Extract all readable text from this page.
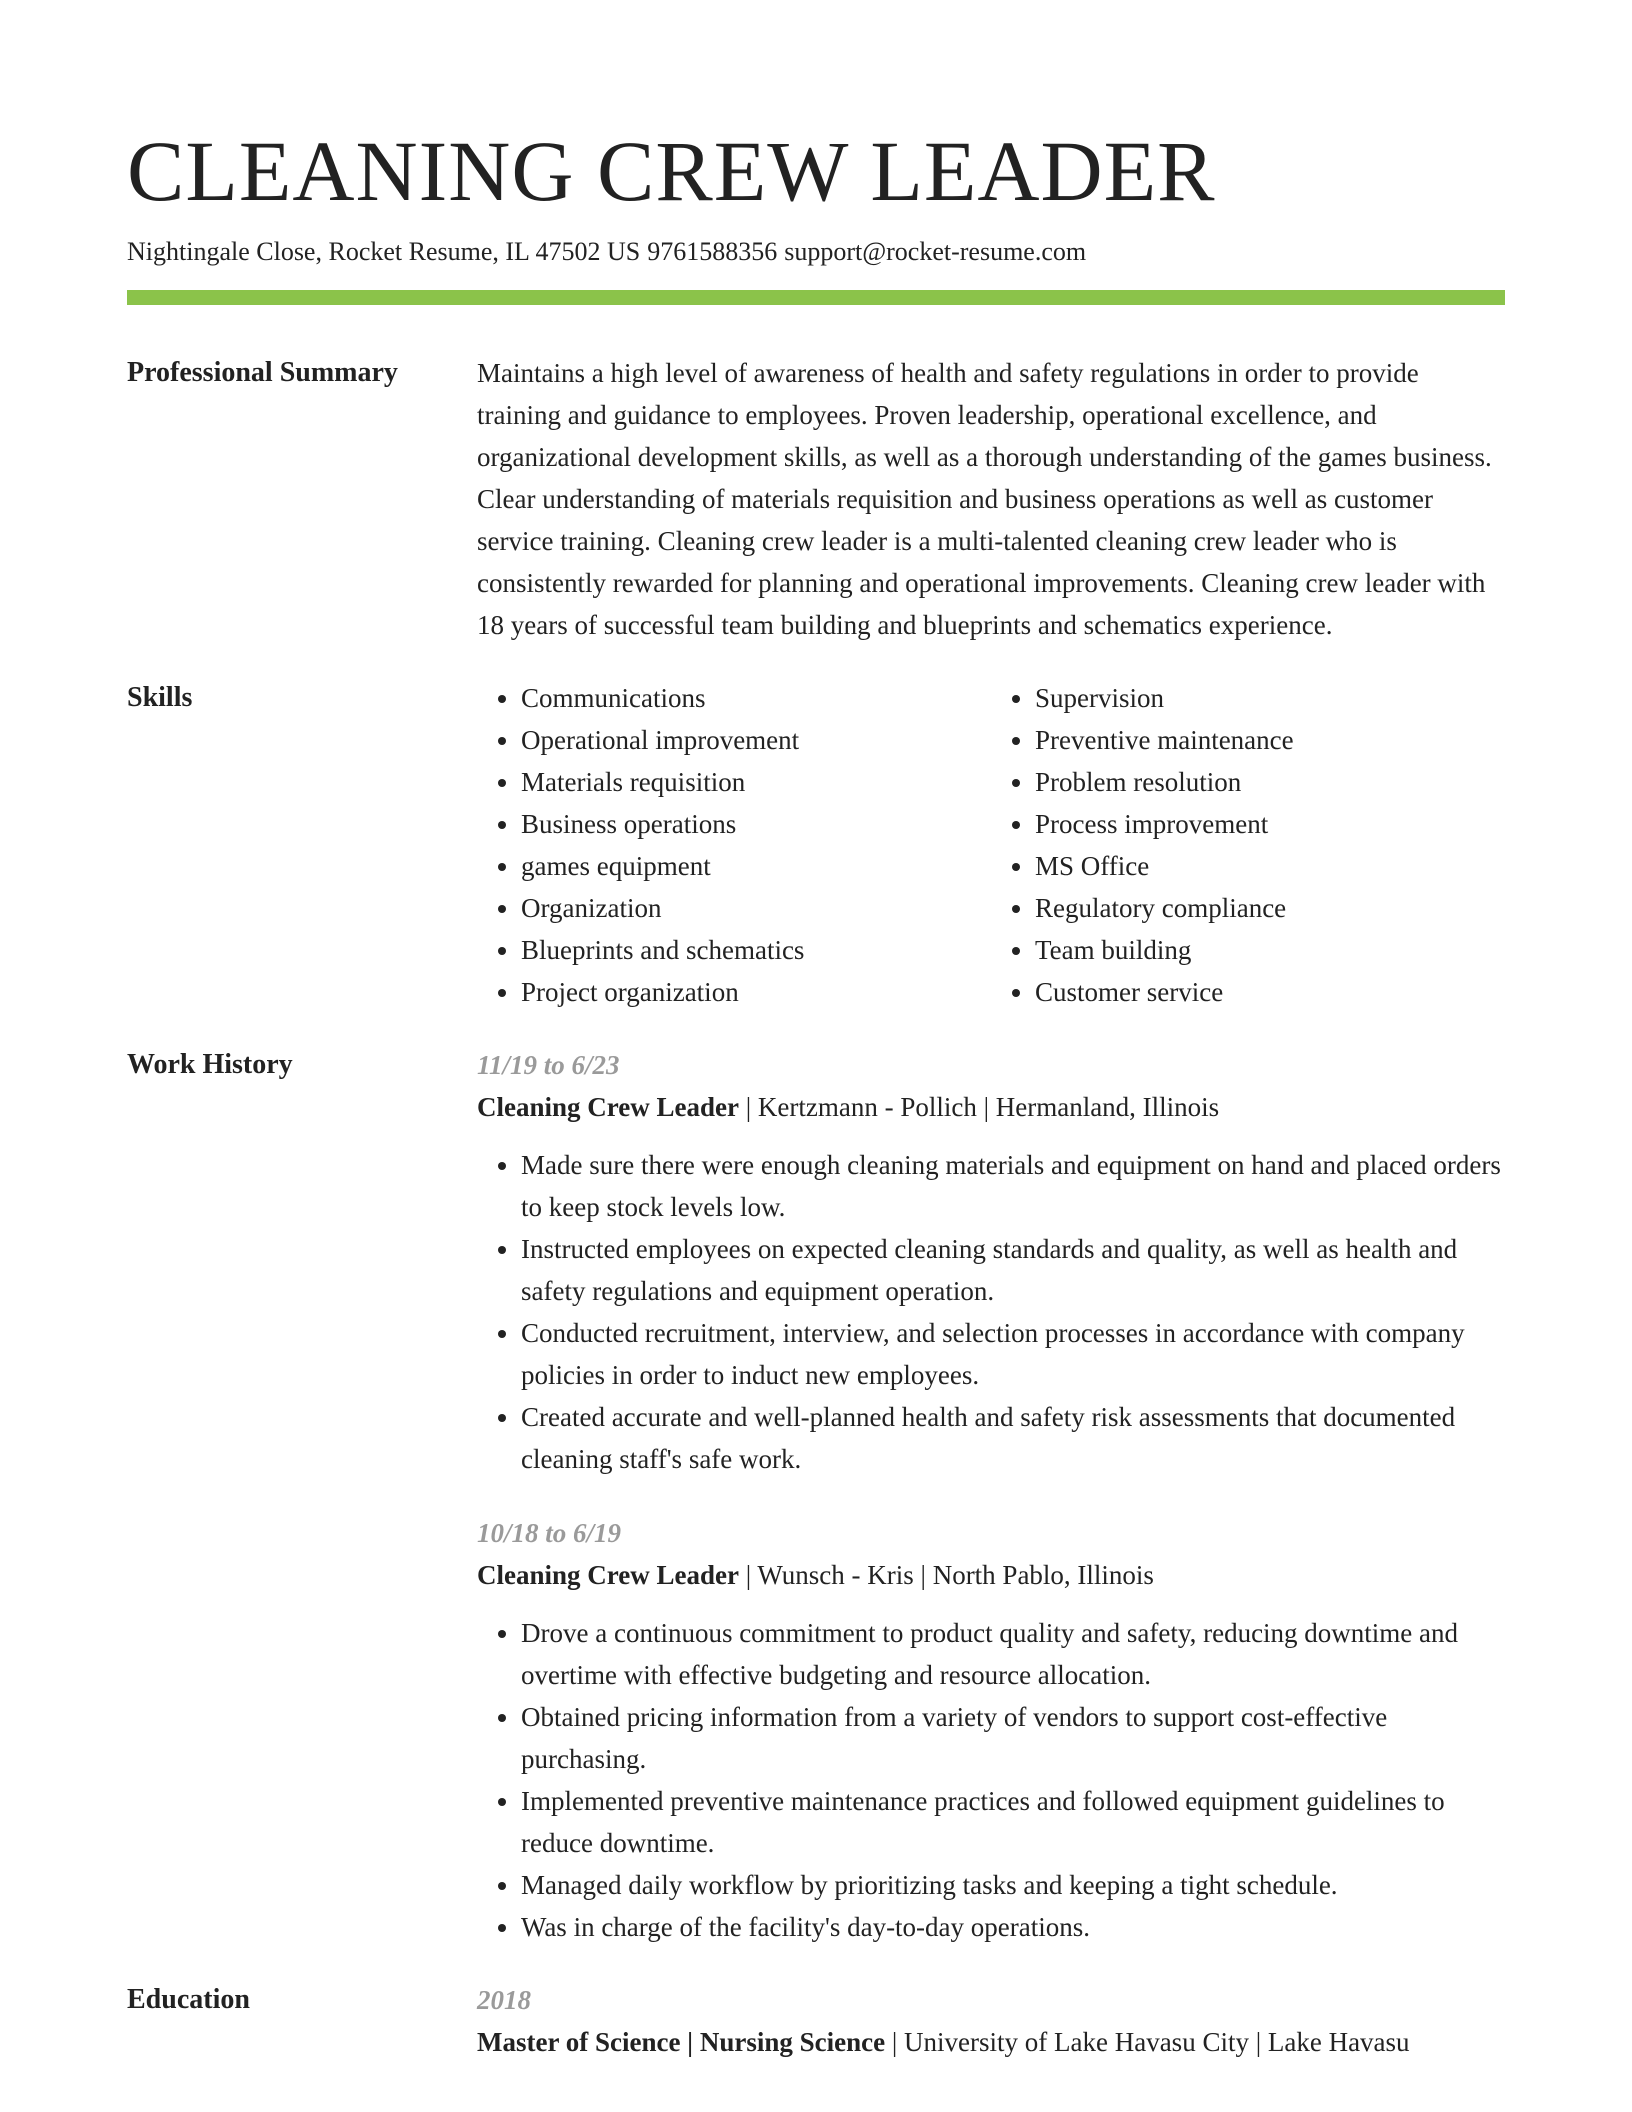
CLEANING CREW LEADER
Nightingale Close, Rocket Resume, IL 47502 US 9761588356 support@rocket-resume.com
Professional Summary	Maintains a high level of awareness of health and safety regulations in order to provide training and guidance to employees. Proven leadership, operational excellence, and organizational development skills, as well as a thorough understanding of the games business. Clear understanding of materials requisition and business operations as well as customer service training. Cleaning crew leader is a multi-talented cleaning crew leader who is consistently rewarded for planning and operational improvements. Cleaning crew leader with 18 years of successful team building and blueprints and schematics experience.
Skills
•	Communications
• Operational improvement
• Materials requisition
• Business operations
• games equipment
• Organization
• Blueprints and schematics
• Project organization
• Supervision
• Preventive maintenance
• Problem resolution
• Process improvement
• MS Office
• Regulatory compliance
• Team building
• Customer service
Work History	11/19 to 6/23
Cleaning Crew Leader | Kertzmann - Pollich | Hermanland, Illinois
• Made sure there were enough cleaning materials and equipment on hand and placed orders to keep stock levels low.
• Instructed employees on expected cleaning standards and quality, as well as health and safety regulations and equipment operation.
• Conducted recruitment, interview, and selection processes in accordance with company policies in order to induct new employees.
• Created accurate and well-planned health and safety risk assessments that documented cleaning staff's safe work.
10/18 to 6/19
Cleaning Crew Leader | Wunsch - Kris | North Pablo, Illinois
• Drove a continuous commitment to product quality and safety, reducing downtime and overtime with effective budgeting and resource allocation.
• Obtained pricing information from a variety of vendors to support cost-effective purchasing.
• Implemented preventive maintenance practices and followed equipment guidelines to reduce downtime.
• Managed daily workflow by prioritizing tasks and keeping a tight schedule.
• Was in charge of the facility's day-to-day operations.
Education	2018
Master of Science | Nursing Science | University of Lake Havasu City | Lake Havasu
